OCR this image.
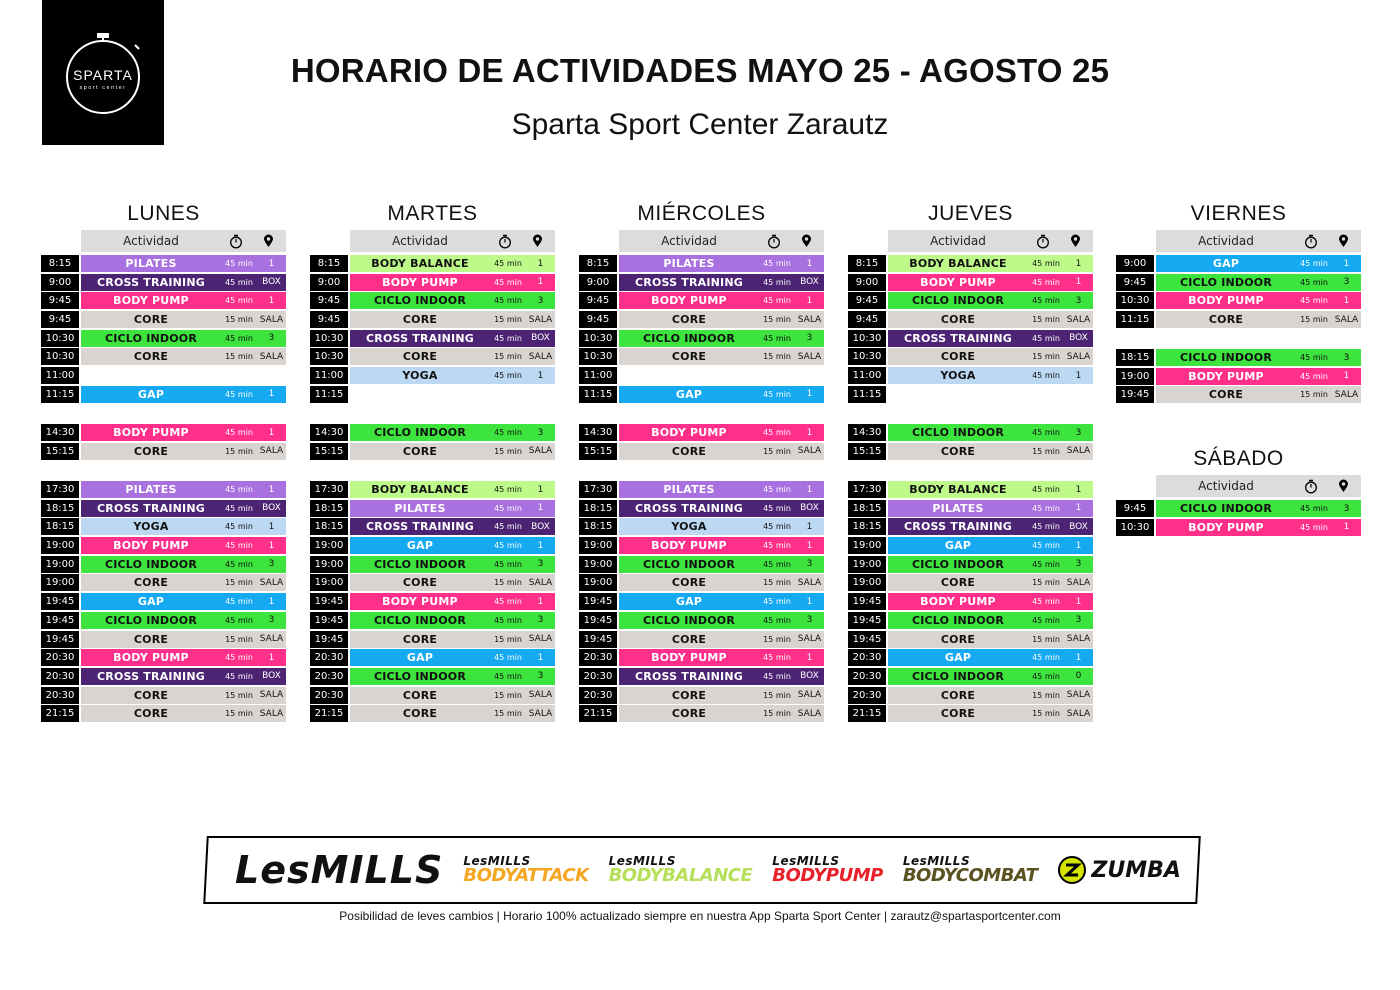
SPARTA
sport center	HORARIO DE ACTIVIDADES MAYO 25 - AGOSTO 25
Sparta Sport Center Zarautz
LUNES
Actividad
8:15	PILATES	45 min	1
9:00	CROSS TRAINING	45 min	BOX
9:45	BODY PUMP	45 min	1
9:45	CORE	15 min SALA
10:30	CICLO INDOOR	45 min	3
10:30	CORE	15 min SALA
11:00
11:15	GAP	45 min	1
14:30	BODY PUMP	45 min	1
15:15	CORE	15 min SALA
17:30	PILATES	45 min	1
18:15	CROSS TRAINING	45 min	BOX
18:15	YOGA	45 min	1
19:00	BODY PUMP	45 min	1
19:00	CICLO INDOOR	45 min	3
19:00	CORE	15 min SALA
19:45	GAP	45 min	1
19:45	CICLO INDOOR	45 min	3
19:45	CORE	15 min SALA
20:30	BODY PUMP	45 min	1
20:30	CROSS TRAINING	45 min	BOX
20:30	CORE	15 min SALA
21:15	CORE	15 min SALA
MARTES
Actividad
8:15	BODY BALANCE	45 min	1
9:00	BODY PUMP	45 min	1
9:45	CICLO INDOOR	45 min	3
9:45	CORE	15 min SALA
10:30	CROSS TRAINING	45 min	BOX
10:30	CORE	15 min SALA
11:00	YOGA	45 min	1
11:15
14:30	CICLO INDOOR	45 min	3
15:15	CORE	15 min SALA
17:30	BODY BALANCE	45 min	1
18:15	PILATES	45 min	1
18:15	CROSS TRAINING	45 min	BOX
19:00	GAP	45 min	1
19:00	CICLO INDOOR	45 min	3
19:00	CORE	15 min SALA
19:45	BODY PUMP	45 min	1
19:45	CICLO INDOOR	45 min	3
19:45	CORE	15 min SALA
20:30	GAP	45 min	1
20:30	CICLO INDOOR	45 min	3
20:30	CORE	15 min SALA
21:15	CORE	15 min SALA
MIÉRCOLES
Actividad
8:15	PILATES	45 min	1
9:00	CROSS TRAINING	45 min	BOX
9:45	BODY PUMP	45 min	1
9:45	CORE	15 min SALA
10:30	CICLO INDOOR	45 min	3
10:30	CORE	15 min SALA
11:00
11:15	GAP	45 min	1
14:30	BODY PUMP	45 min	1
15:15	CORE	15 min SALA
17:30	PILATES	45 min	1
18:15	CROSS TRAINING	45 min	BOX
18:15	YOGA	45 min	1
19:00	BODY PUMP	45 min	1
19:00	CICLO INDOOR	45 min	3
19:00	CORE	15 min SALA
19:45	GAP	45 min	1
19:45	CICLO INDOOR	45 min	3
19:45	CORE	15 min SALA
20:30	BODY PUMP	45 min	1
20:30	CROSS TRAINING	45 min	BOX
20:30	CORE	15 min SALA
21:15	CORE	15 min SALA
JUEVES
Actividad
8:15	BODY BALANCE	45 min	1
9:00	BODY PUMP	45 min	1
9:45	CICLO INDOOR	45 min	3
9:45	CORE	15 min SALA
10:30	CROSS TRAINING	45 min	BOX
10:30	CORE	15 min SALA
11:00	YOGA	45 min	1
11:15
14:30	CICLO INDOOR	45 min	3
15:15	CORE	15 min SALA
17:30	BODY BALANCE	45 min	1
18:15	PILATES	45 min	1
18:15	CROSS TRAINING	45 min	BOX
19:00	GAP	45 min	1
19:00	CICLO INDOOR	45 min	3
19:00	CORE	15 min SALA
19:45	BODY PUMP	45 min	1
19:45	CICLO INDOOR	45 min	3
19:45	CORE	15 min SALA
20:30	GAP	45 min	1
20:30	CICLO INDOOR	45 min	0
20:30	CORE	15 min SALA
21:15	CORE	15 min SALA
VIERNES
Actividad
9:00	GAP	45 min	1
9:45	CICLO INDOOR	45 min	3
10:30	BODY PUMP	45 min	1
11:15	CORE	15 min SALA
18:15	CICLO INDOOR	45 min	3
19:00	BODY PUMP	45 min	1
19:45	CORE	15 min SALA
SÁBADO
Actividad
9:45	CICLO INDOOR	45 min	3
10:30	BODY PUMP	45 min	1
LesMILLS LesMILLS
BODYATTACK
LesMILLS
BODYBALANCE
LesMILLS
BODYPUMP
LesMILLS
BODYCOMBAT ZUMBA
Posibilidad de leves cambios | Horario 100% actualizado siempre en nuestra App Sparta Sport Center | zarautz@spartasportcenter.com
